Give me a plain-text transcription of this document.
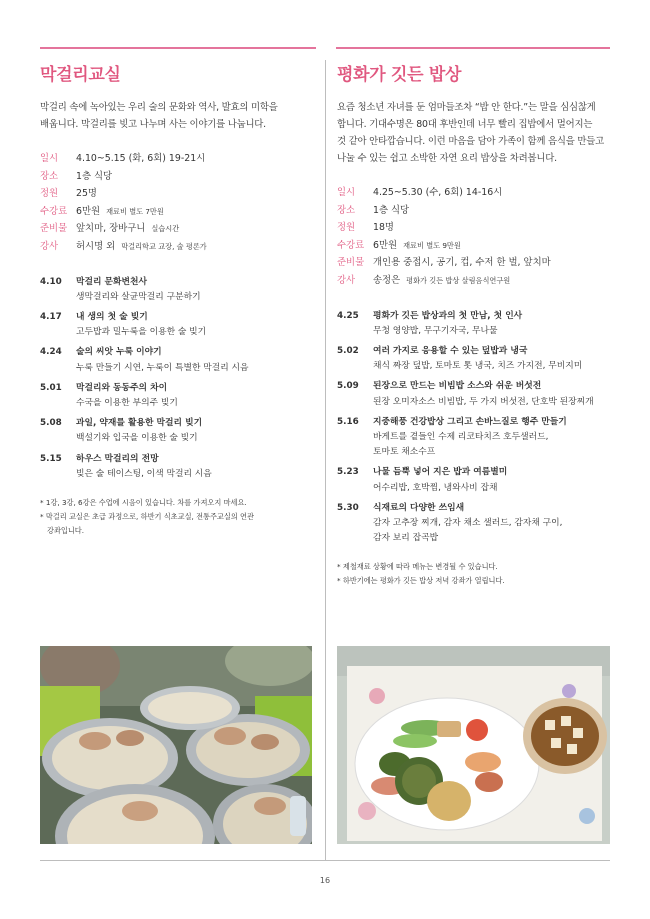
막걸리교실
막걸리 속에 녹아있는 우리 술의 문화와 역사, 발효의 미학을
배웁니다. 막걸리를 빚고 나누며 사는 이야기를 나눕니다.
일시	4.10~5.15 (화, 6회) 19-21시
장소	1층 식당
정원	25명
수강료 6만원 재료비 별도 7만원
준비물 앞치마, 장바구니 실습시간
강사	허시명 외 막걸리학교 교장, 술 평론가
4.10	막걸리 문화변천사
생막걸리와 살균막걸리 구분하기
4.17	내 생의 첫 술 빚기
고두밥과 밀누룩을 이용한 술 빚기
4.24	술의 씨앗 누룩 이야기
누룩 만들기 시연, 누룩이 특별한 막걸리 시음
5.01	막걸리와 동동주의 차이
수국을 이용한 부의주 빚기
5.08	과일, 약재를 활용한 막걸리 빚기
백설기와 입국을 이용한 술 빚기
5.15	하우스 막걸리의 전망
빚은 술 테이스팅, 이색 막걸리 시음
* 1강, 3강, 6강은 수업에 시음이 있습니다. 차를 가져오지 마세요.
* 막걸리 교실은 초급 과정으로, 하반기 식초교실, 전통주교실의 연관
강좌입니다.
평화가 깃든 밥상
요즘 청소년 자녀를 둔 엄마들조차 “밥 안 한다.”는 말을 심심찮게
합니다. 기대수명은 80대 후반인데 너무 빨리 집밥에서 멀어지는
것 같아 안타깝습니다. 이런 마음을 담아 가족이 함께 음식을 만들고
나눌 수 있는 쉽고 소박한 자연 요리 밥상을 차려봅니다.
일시	4.25~5.30 (수, 6회) 14-16시
장소	1층 식당
정원	18명
수강료 6만원 재료비 별도 9만원
준비물 개인용 중접시, 공기, 컵, 수저 한 벌, 앞치마
강사	송정은 평화가 깃든 밥상 살림음식연구원
4.25	평화가 깃든 밥상과의 첫 만남, 첫 인사
무청 영양밥, 무구기자국, 무나물
5.02	여러 가지로 응용할 수 있는 덮밥과 냉국
채식 짜장 덮밥, 토마토 톳 냉국, 치즈 가지전, 무비지미
5.09	된장으로 만드는 비빔밥 소스와 쉬운 버섯전
된장 오미자소스 비빔밥, 두 가지 버섯전, 단호박 된장찌개
5.16	지중해풍 건강밥상 그리고 손바느질로 행주 만들기
바게트를 곁들인 수제 리코타치즈 호두샐러드,
토마토 채소수프
5.23	나물 듬뿍 넣어 지은 밥과 여름별미
어수리밥, 호박찜, 냉와사비 잡채
5.30	식재료의 다양한 쓰임새
감자 고추장 찌개, 감자 채소 샐러드, 감자채 구이,
감자 보리 잡곡밥
* 제철재료 상황에 따라 메뉴는 변경될 수 있습니다.
* 하반기에는 평화가 깃든 밥상 저녁 강좌가 열립니다.
16
